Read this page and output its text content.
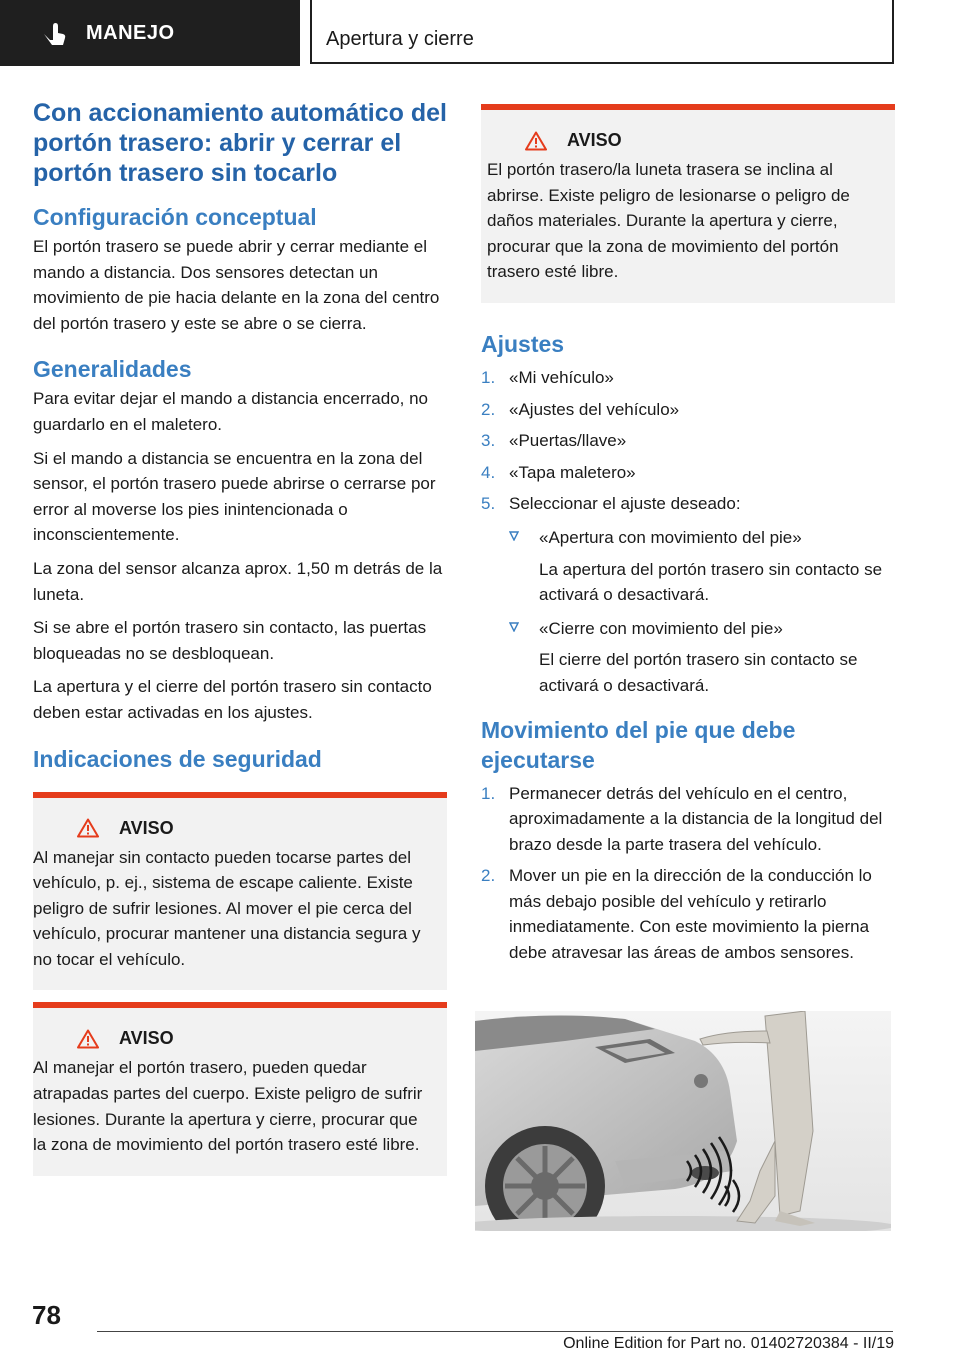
MANEJO	Apertura y cierre
Con accionamiento automático del portón trasero: abrir y cerrar el portón trasero sin tocarlo
Configuración conceptual

El portón trasero se puede abrir y cerrar mediante el mando a distancia. Dos sensores detectan un movimiento de pie hacia delante en la zona del centro del portón trasero y este se abre o se cierra.

Generalidades

Para evitar dejar el mando a distancia encerrado, no guardarlo en el maletero.

Si el mando a distancia se encuentra en la zona del sensor, el portón trasero puede abrirse o cerrarse por error al moverse los pies inintencionada o inconscientemente.

La zona del sensor alcanza aprox. 1,50 m detrás de la luneta.

Si se abre el portón trasero sin contacto, las puertas bloqueadas no se desbloquean.

La apertura y el cierre del portón trasero sin contacto deben estar activadas en los ajustes.

Indicaciones de seguridad
AVISO

Al manejar sin contacto pueden tocarse partes del vehículo, p. ej., sistema de escape caliente. Existe peligro de sufrir lesiones. Al mover el pie cerca del vehículo, procurar mantener una distancia segura y no tocar el vehículo.

AVISO

Al manejar el portón trasero, pueden quedar atrapadas partes del cuerpo. Existe peligro de sufrir lesiones. Durante la apertura y cierre, procurar que la zona de movimiento del portón trasero esté libre.

AVISO

El portón trasero/la luneta trasera se inclina al abrirse. Existe peligro de lesionarse o peligro de daños materiales. Durante la apertura y cierre, procurar que la zona de movimiento del portón trasero esté libre.

Ajustes
1. «Mi vehículo»
2. «Ajustes del vehículo»
3. «Puertas/llave»
4. «Tapa maletero»
5. Seleccionar el ajuste deseado:
«Apertura con movimiento del pie»
La apertura del portón trasero sin contacto se activará o desactivará.
«Cierre con movimiento del pie»
El cierre del portón trasero sin contacto se activará o desactivará.
Movimiento del pie que debe ejecutarse
1. Permanecer detrás del vehículo en el centro, aproximadamente a la distancia de la longitud del brazo desde la parte trasera del vehículo.
2. Mover un pie en la dirección de la conducción lo más debajo posible del vehículo y retirarlo inmediatamente. Con este movimiento la pierna debe atravesar las áreas de ambos sensores.
78
Online Edition for Part no. 01402720384 - II/19
